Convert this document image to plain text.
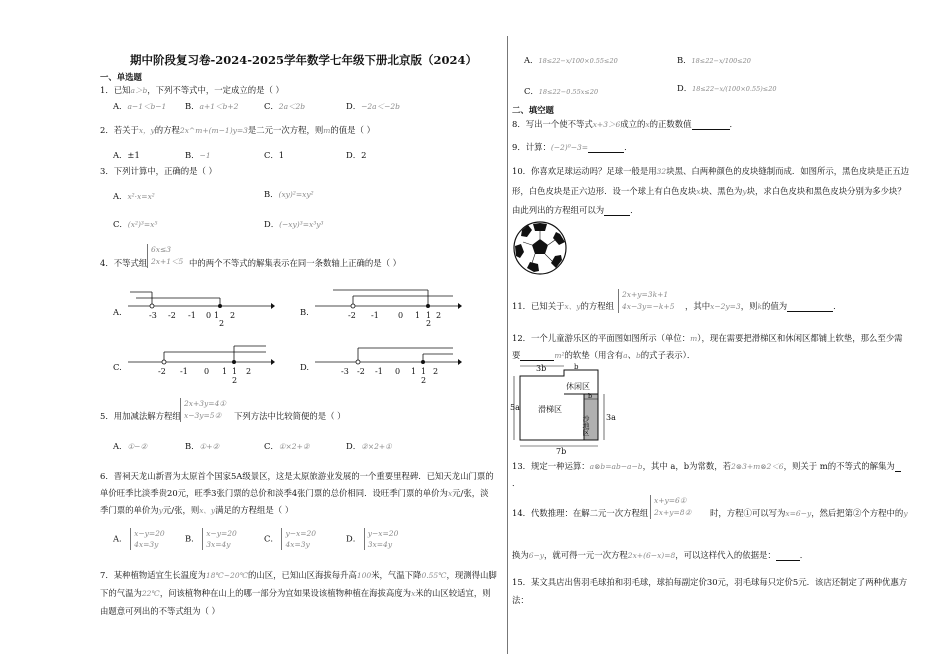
期中阶段复习卷-2024-2025学年数学七年级下册北京版（2024）
一、单选题
1．已知a＞b，下列不等式中，一定成立的是（ ）
A．a−1＜b−1 B．a+1＜b+2	C．2a＜2b	D．−2a＜−2b
2．若关于x，y的方程2x^m+(m−1)y=3是二元一次方程，则m的值是（ ）
A．±1	B．−1	C．1	D．2
3．下列计算中，正确的是（ ）
A．x²·x=x²	B．(xy)²=xy²
C．(x²)³=x⁵	D．(−xy)³=x³y³
4．不等式组
6x≤3
2x+1＜5 中的两个不等式的解集表示在同一条数轴上正确的是（ ）
A.	-3 -2 -1 0 1 2
2
B.	-2 -1 0 1 1 2
2
C.	-2 -1 0 1 1 2
2
D.	-3 -2 -1 0 1 1 2
2
5．用加减法解方程组
2x+3y=4①
x−3y=5②	下列方法中比较简便的是（ ）
A．①−②	B．①+②	C．①×2+②	D．②×2+①
6．晋祠天龙山新晋为太原首个国家5A级景区，这是太原旅游业发展的一个重要里程碑．已知天龙山门票的
单价旺季比淡季贵20元，旺季3张门票的总价和淡季4张门票的总价相同．设旺季门票的单价为x元/张，淡
季门票的单价为y元/张，则x、y满足的方程组是（ ）
A． x−y=20
4x=3y
B． x−y=20
3x=4y
C． y−x=20
4x=3y
D． y−x=20
3x=4y
7．某种植物适宜生长温度为18℃~20℃的山区，已知山区海拔每升高100米，气温下降0.55℃，现测得山脚
下的气温为22℃，问该植物种在山上的哪一部分为宜如果设该植物种植在海拔高度为x米的山区较适宜，则
由题意可列出的不等式组为（ ）
A．18≤22−x/100×0.55≤20	B．18≤22−x/100≤20
C．18≤22−0.55x≤20	D．18≤22−x/(100×0.55)≤20
二、填空题
8．写出一个使不等式x+3＞6成立的x的正数数值	．
9．计算：(−2)⁰−3=	．
10．你喜欢足球运动吗？足球一般是用32块黑、白两种颜色的皮块缝制而成．如图所示，黑色皮块是正五边
形，白色皮块是正六边形．设一个球上有白色皮块x块、黑色为y块，求白色皮块和黑色皮块分别为多少块？
由此列出的方程组可以为	．
11．已知关于x、y的方程组
2x+y=3k+1
4x−3y=−k+5 ，其中x−2y=3，则k的值为	．
12．一个儿童游乐区的平面图如图所示（单位：m），现在需要把滑梯区和休闲区都铺上软垫，那么至少需
要	m²的软垫（用含有a、b的式子表示）．
3b	b
休闲区
b
5a 滑梯区
沙地区 3a
7b
13．规定一种运算：a⊗b=ab−a−b，其中 a，b为常数，若2⊗3+m⊗2＜6，则关于 m的不等式的解集为
．
14．代数推理：在解二元一次方程组
x+y=6①
2x+y=8② 时，方程①可以写为x=6−y，然后把第②个方程中的y
换为6−y，就可得一元一次方程2x+(6−x)=8，可以这样代入的依据是：	．
15．某文具店出售羽毛球拍和羽毛球，球拍每副定价30元，羽毛球每只定价5元．该店还制定了两种优惠方
法：
